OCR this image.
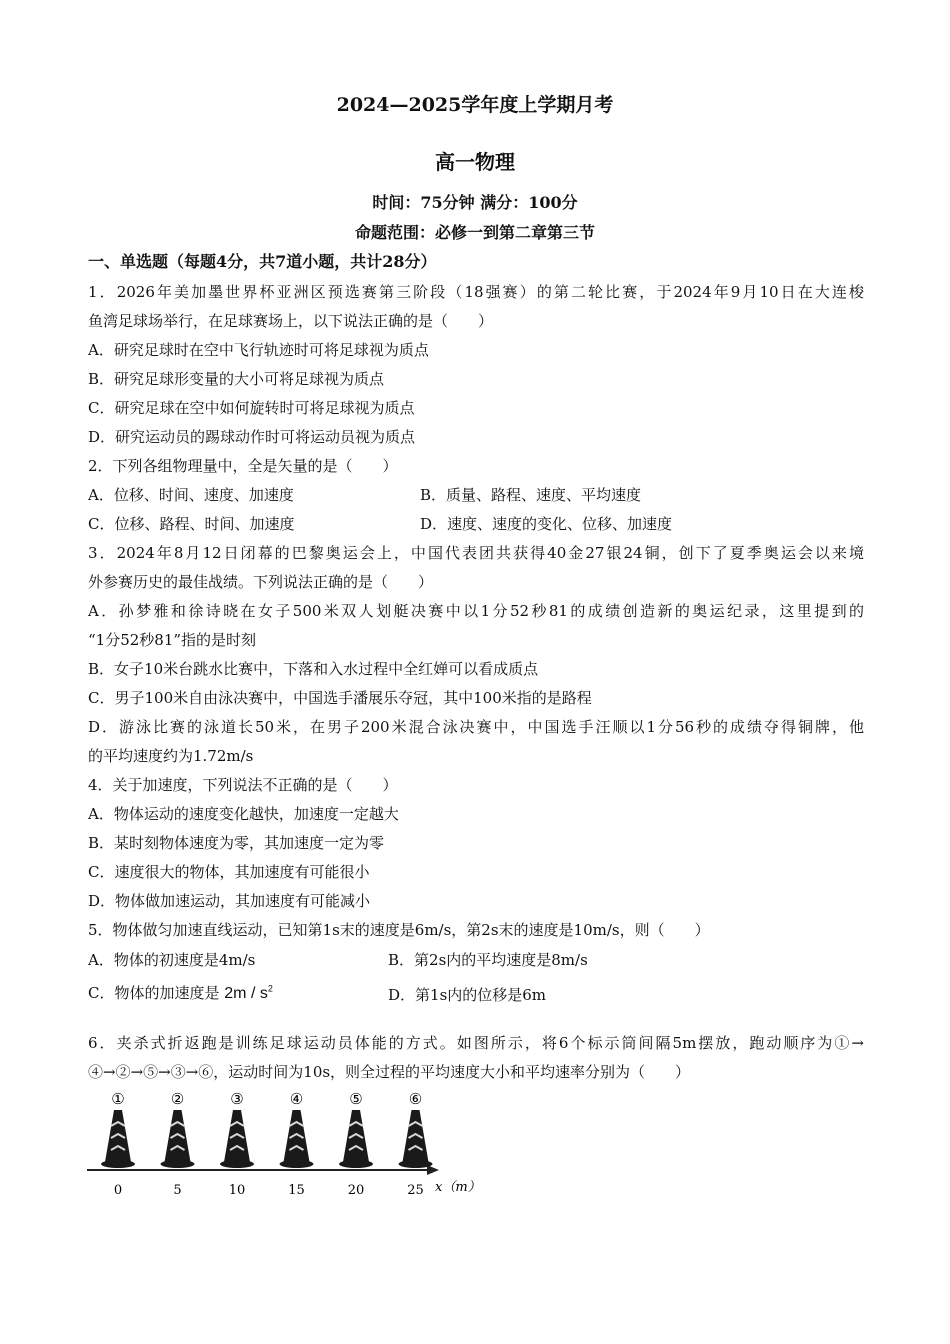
2024—2025学年度上学期月考
高一物理
时间：75分钟 满分：100分
命题范围：必修一到第二章第三节
一、单选题（每题4分，共7道小题，共计28分）
1．2026年美加墨世界杯亚洲区预选赛第三阶段（18强赛）的第二轮比赛，于2024年9月10日在大连梭
鱼湾足球场举行，在足球赛场上，以下说法正确的是（　　）
A．研究足球时在空中飞行轨迹时可将足球视为质点
B．研究足球形变量的大小可将足球视为质点
C．研究足球在空中如何旋转时可将足球视为质点
D．研究运动员的踢球动作时可将运动员视为质点
2．下列各组物理量中，全是矢量的是（　　）
A．位移、时间、速度、加速度	B．质量、路程、速度、平均速度
C．位移、路程、时间、加速度	D．速度、速度的变化、位移、加速度
3．2024年8月12日闭幕的巴黎奥运会上，中国代表团共获得40金27银24铜，创下了夏季奥运会以来境
外参赛历史的最佳战绩。下列说法正确的是（　　）
A．孙梦雅和徐诗晓在女子500米双人划艇决赛中以1分52秒81的成绩创造新的奥运纪录，这里提到的
“1分52秒81”指的是时刻
B．女子10米台跳水比赛中，下落和入水过程中全红婵可以看成质点
C．男子100米自由泳决赛中，中国选手潘展乐夺冠，其中100米指的是路程
D．游泳比赛的泳道长50米，在男子200米混合泳决赛中，中国选手汪顺以1分56秒的成绩夺得铜牌，他
的平均速度约为1.72m/s
4．关于加速度，下列说法不正确的是（　　）
A．物体运动的速度变化越快，加速度一定越大
B．某时刻物体速度为零，其加速度一定为零
C．速度很大的物体，其加速度有可能很小
D．物体做加速运动，其加速度有可能减小
5．物体做匀加速直线运动，已知第1s末的速度是6m/s，第2s末的速度是10m/s，则（　　）
A．物体的初速度是4m/s	B．第2s内的平均速度是8m/s
C．物体的加速度是 $2m / s^2$	D．第1s内的位移是6m
6．夹杀式折返跑是训练足球运动员体能的方式。如图所示，将6个标示筒间隔5m摆放，跑动顺序为①→
④→②→⑤→③→⑥，运动时间为10s，则全过程的平均速度大小和平均速率分别为（　　）
①
0
②
5
③
10
④
15
⑤
20
⑥
25 x（m）
